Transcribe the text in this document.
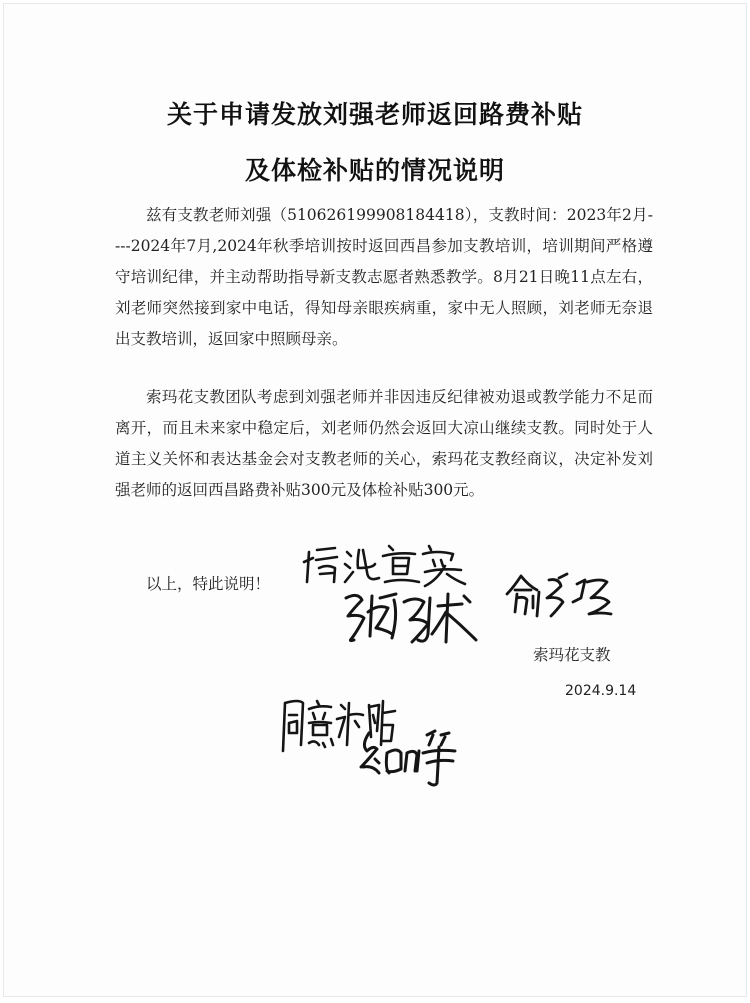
关于申请发放刘强老师返回路费补贴
及体检补贴的情况说明

兹有支教老师刘强（510626199908184418），支教时间：2023年2月----2024年7月,2024年秋季培训按时返回西昌参加支教培训，培训期间严格遵守培训纪律，并主动帮助指导新支教志愿者熟悉教学。8月21日晚11点左右，刘老师突然接到家中电话，得知母亲眼疾病重，家中无人照顾，刘老师无奈退出支教培训，返回家中照顾母亲。

索玛花支教团队考虑到刘强老师并非因违反纪律被劝退或教学能力不足而离开，而且未来家中稳定后，刘老师仍然会返回大凉山继续支教。同时处于人道主义关怀和表达基金会对支教老师的关心，索玛花支教经商议，决定补发刘强老师的返回西昌路费补贴300元及体检补贴300元。

以上，特此说明！

索玛花支教
2024.9.14
